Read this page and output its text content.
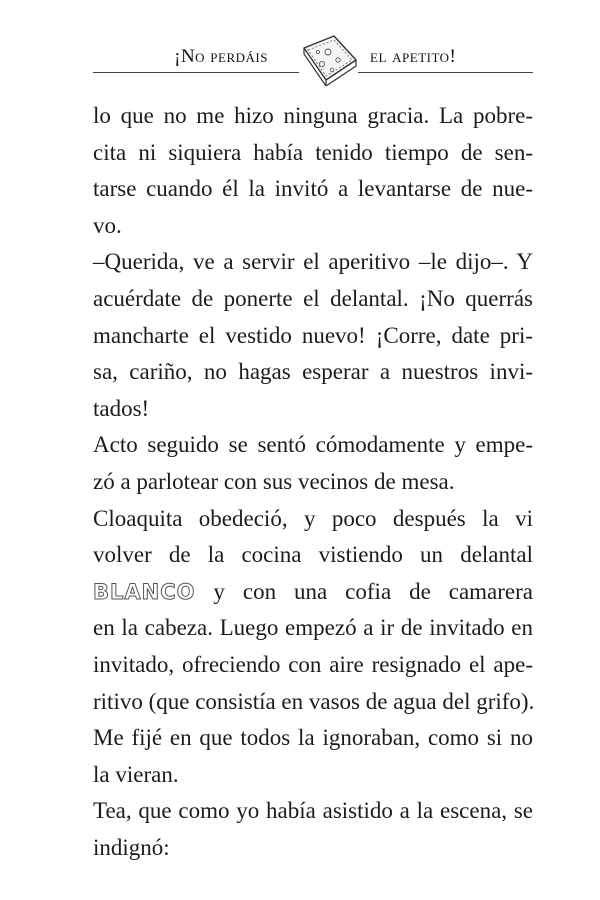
¡No perdáis	el apetito!
lo que no me hizo ninguna gracia. La pobre-
cita ni siquiera había tenido tiempo de sen-
tarse cuando él la invitó a levantarse de nue-
vo.
–Querida, ve a servir el aperitivo –le dijo–. Y
acuérdate de ponerte el delantal. ¡No querrás
mancharte el vestido nuevo! ¡Corre, date pri-
sa, cariño, no hagas esperar a nuestros invi-
tados!
Acto seguido se sentó cómodamente y empe-
zó a parlotear con sus vecinos de mesa.
Cloaquita obedeció, y poco después la vi
volver de la cocina vistiendo un delantal
BLANCO y con una cofia de camarera
en la cabeza. Luego empezó a ir de invitado en
invitado, ofreciendo con aire resignado el ape-
ritivo (que consistía en vasos de agua del grifo).
Me fijé en que todos la ignoraban, como si no
la vieran.
Tea, que como yo había asistido a la escena, se
indignó:
